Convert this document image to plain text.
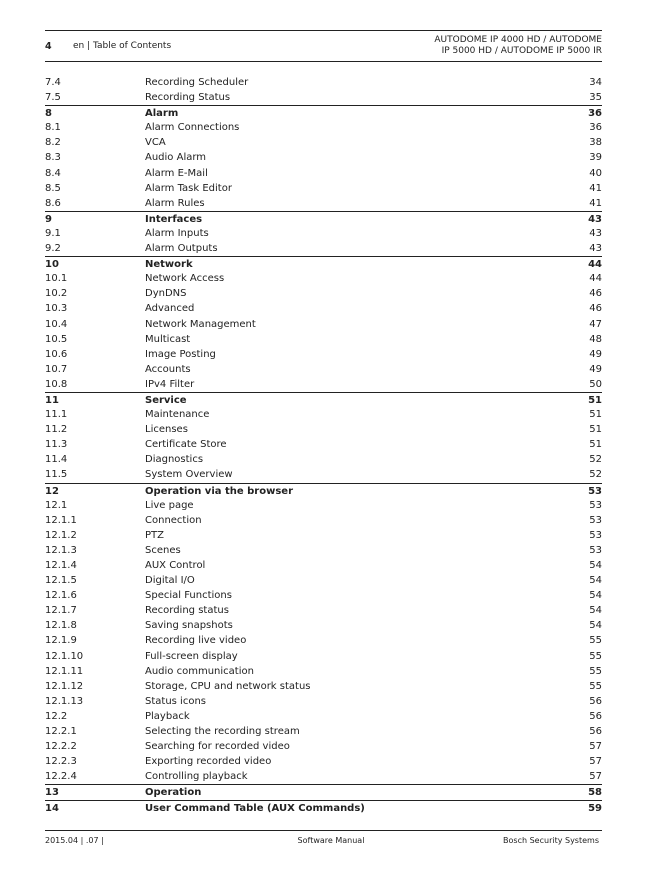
4 en | Table of Contents
AUTODOME IP 4000 HD / AUTODOME
IP 5000 HD / AUTODOME IP 5000 IR
7.4	Recording Scheduler	34
7.5	Recording Status	35
8	Alarm	36
8.1	Alarm Connections	36
8.2	VCA	38
8.3	Audio Alarm	39
8.4	Alarm E-Mail	40
8.5	Alarm Task Editor	41
8.6	Alarm Rules	41
9	Interfaces	43
9.1	Alarm Inputs	43
9.2	Alarm Outputs	43
10	Network	44
10.1	Network Access	44
10.2	DynDNS	46
10.3	Advanced	46
10.4	Network Management	47
10.5	Multicast	48
10.6	Image Posting	49
10.7	Accounts	49
10.8	IPv4 Filter	50
11	Service	51
11.1	Maintenance	51
11.2	Licenses	51
11.3	Certificate Store	51
11.4	Diagnostics	52
11.5	System Overview	52
12	Operation via the browser	53
12.1	Live page	53
12.1.1	Connection	53
12.1.2	PTZ	53
12.1.3	Scenes	53
12.1.4	AUX Control	54
12.1.5	Digital I/O	54
12.1.6	Special Functions	54
12.1.7	Recording status	54
12.1.8	Saving snapshots	54
12.1.9	Recording live video	55
12.1.10	Full-screen display	55
12.1.11	Audio communication	55
12.1.12	Storage, CPU and network status	55
12.1.13	Status icons	56
12.2	Playback	56
12.2.1	Selecting the recording stream	56
12.2.2	Searching for recorded video	57
12.2.3	Exporting recorded video	57
12.2.4	Controlling playback	57
13	Operation	58
14	User Command Table (AUX Commands)	59
2015.04 | .07 |	Software Manual	Bosch Security Systems
